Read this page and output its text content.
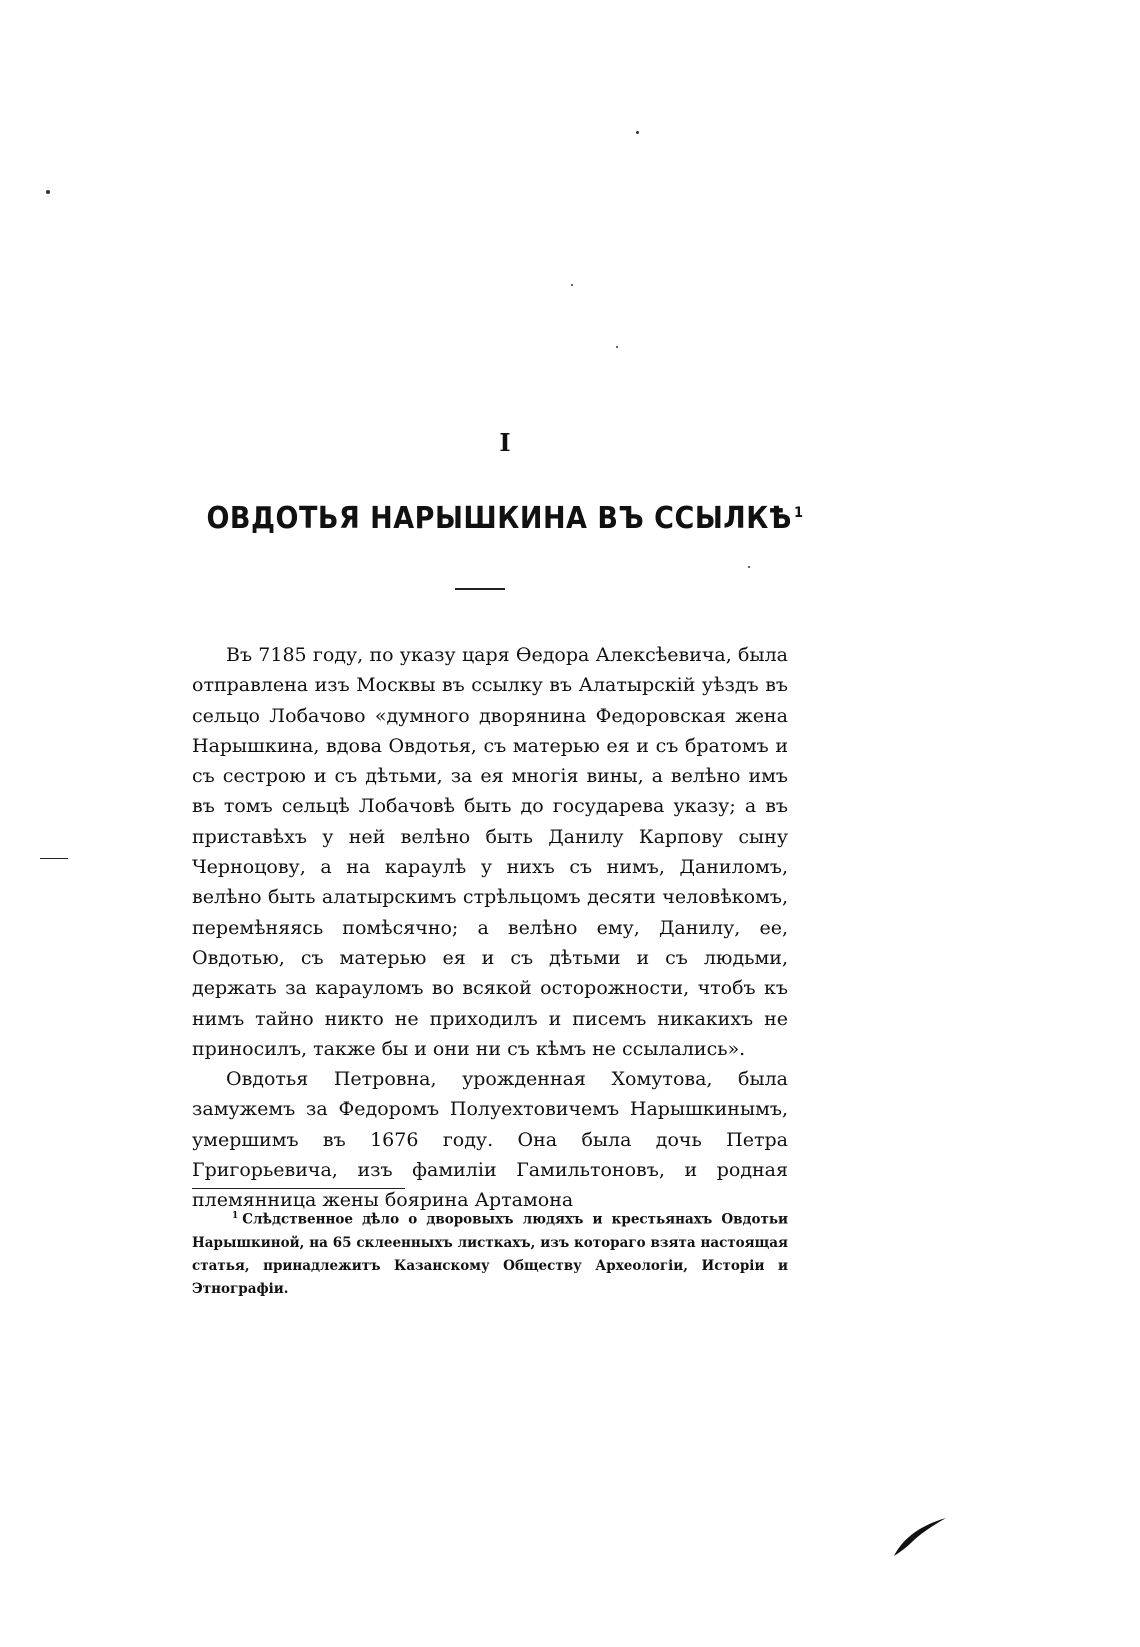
I
ОВДОТЬЯ НАРЫШКИНА ВЪ ССЫЛКѢ $^1$

Въ 7185 году, по указу царя Ѳедора Алексѣевича, была отправлена изъ Москвы въ ссылку въ Алатырскій уѣздъ въ сельцо Лобачово «думного дворянина Федоровская жена Нарышкина, вдова Овдотья, съ матерью ея и съ братомъ и съ сестрою и съ дѣтьми, за ея многія вины, а велѣно имъ въ томъ сельцѣ Лобачовѣ быть до государева указу; а въ приставѣхъ у ней велѣно быть Данилу Карпову сыну Черноцову, а на караулѣ у нихъ съ нимъ, Даниломъ, велѣно быть алатырскимъ стрѣльцомъ десяти человѣкомъ, перемѣняясь помѣсячно; а велѣно ему, Данилу, ее, Овдотью, съ матерью ея и съ дѣтьми и съ людьми, держать за карауломъ во всякой осторожности, чтобъ къ нимъ тайно никто не приходилъ и писемъ никакихъ не приносилъ, также бы и они ни съ кѣмъ не ссылались».

Овдотья Петровна, урожденная Хомутова, была замужемъ за Федоромъ Полуехтовичемъ Нарышкинымъ, умершимъ въ 1676 году. Она была дочь Петра Григорьевича, изъ фамиліи Гамильтоновъ, и родная племянница жены боярина Артамона

$^1$ Слѣдственное дѣло о дворовыхъ людяхъ и крестьянахъ Овдотьи Нарышкиной, на 65 склеенныхъ листкахъ, изъ котораго взята настоящая статья, принадлежитъ Казанскому Обществу Археологіи, Исторіи и Этнографіи.
